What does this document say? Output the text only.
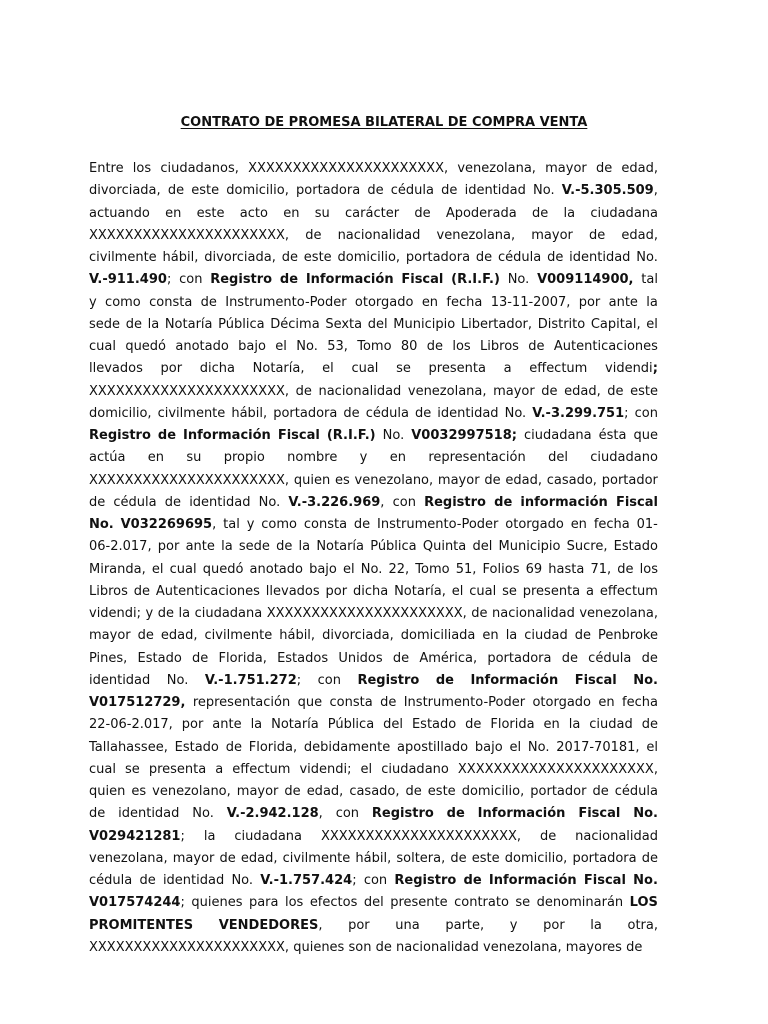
CONTRATO DE PROMESA BILATERAL DE COMPRA VENTA
Entre los ciudadanos, XXXXXXXXXXXXXXXXXXXXXX, venezolana, mayor de edad,
divorciada, de este domicilio, portadora de cédula de identidad No. V.-5.305.509,
actuando en este acto en su carácter de Apoderada de la ciudadana
XXXXXXXXXXXXXXXXXXXXXX, de nacionalidad venezolana, mayor de edad,
civilmente hábil, divorciada, de este domicilio, portadora de cédula de identidad No.
V.-911.490; con Registro de Información Fiscal (R.I.F.) No. V009114900, tal
y como consta de Instrumento-Poder otorgado en fecha 13-11-2007, por ante la
sede de la Notaría Pública Décima Sexta del Municipio Libertador, Distrito Capital, el
cual quedó anotado bajo el No. 53, Tomo 80 de los Libros de Autenticaciones
llevados por dicha Notaría, el cual se presenta a effectum videndi;
XXXXXXXXXXXXXXXXXXXXXX, de nacionalidad venezolana, mayor de edad, de este
domicilio, civilmente hábil, portadora de cédula de identidad No. V.-3.299.751; con
Registro de Información Fiscal (R.I.F.) No. V0032997518; ciudadana ésta que
actúa en su propio nombre y en representación del ciudadano
XXXXXXXXXXXXXXXXXXXXXX, quien es venezolano, mayor de edad, casado, portador
de cédula de identidad No. V.-3.226.969, con Registro de información Fiscal
No. V032269695, tal y como consta de Instrumento-Poder otorgado en fecha 01-
06-2.017, por ante la sede de la Notaría Pública Quinta del Municipio Sucre, Estado
Miranda, el cual quedó anotado bajo el No. 22, Tomo 51, Folios 69 hasta 71, de los
Libros de Autenticaciones llevados por dicha Notaría, el cual se presenta a effectum
videndi; y de la ciudadana XXXXXXXXXXXXXXXXXXXXXX, de nacionalidad venezolana,
mayor de edad, civilmente hábil, divorciada, domiciliada en la ciudad de Penbroke
Pines, Estado de Florida, Estados Unidos de América, portadora de cédula de
identidad No. V.-1.751.272; con Registro de Información Fiscal No.
V017512729, representación que consta de Instrumento-Poder otorgado en fecha
22-06-2.017, por ante la Notaría Pública del Estado de Florida en la ciudad de
Tallahassee, Estado de Florida, debidamente apostillado bajo el No. 2017-70181, el
cual se presenta a effectum videndi; el ciudadano XXXXXXXXXXXXXXXXXXXXXX,
quien es venezolano, mayor de edad, casado, de este domicilio, portador de cédula
de identidad No. V.-2.942.128, con Registro de Información Fiscal No.
V029421281; la ciudadana XXXXXXXXXXXXXXXXXXXXXX, de nacionalidad
venezolana, mayor de edad, civilmente hábil, soltera, de este domicilio, portadora de
cédula de identidad No. V.-1.757.424; con Registro de Información Fiscal No.
V017574244; quienes para los efectos del presente contrato se denominarán LOS
PROMITENTES VENDEDORES, por una parte, y por la otra,
XXXXXXXXXXXXXXXXXXXXXX, quienes son de nacionalidad venezolana, mayores de
